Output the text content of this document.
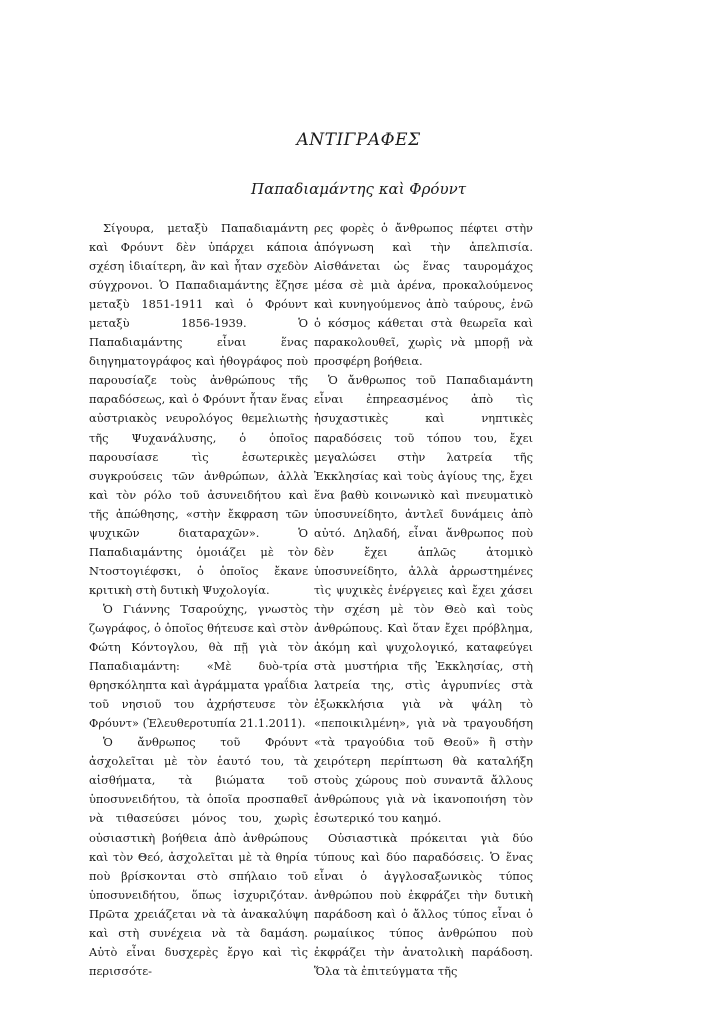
ΑΝΤΙΓΡΑΦΕΣ
Παπαδιαμάντης καὶ Φρόυντ

Σίγουρα, μεταξὺ Παπαδιαμάντη καὶ Φρόυντ δὲν ὑπάρχει κάποια σχέση ἰδιαίτερη, ἂν καὶ ἦταν σχεδὸν σύγχρονοι. Ὁ Παπαδιαμάντης ἔζησε μεταξὺ 1851-1911 καὶ ὁ Φρόυντ μεταξὺ 1856-1939. Ὁ Παπαδιαμάντης εἶναι ἕνας διηγηματογράφος καὶ ἠθογράφος ποὺ παρουσίαζε τοὺς ἀνθρώπους τῆς παραδόσεως, καὶ ὁ Φρόυντ ἦταν ἕνας αὐστριακὸς νευρολόγος θεμελιωτὴς τῆς Ψυχανάλυσης, ὁ ὁποῖος παρουσίασε τὶς ἐσωτερικὲς συγκρούσεις τῶν ἀνθρώπων, ἀλλὰ καὶ τὸν ρόλο τοῦ ἀσυνειδήτου καὶ τῆς ἀπώθησης, «στὴν ἔκφραση τῶν ψυχικῶν διαταραχῶν». Ὁ Παπαδιαμάντης ὁμοιάζει μὲ τὸν Ντοστογιέφσκι, ὁ ὁποῖος ἔκανε κριτικὴ στὴ δυτικὴ Ψυχολογία.

Ὁ Γιάννης Τσαρούχης, γνωστὸς ζωγράφος, ὁ ὁποῖος θήτευσε καὶ στὸν Φώτη Κόντογλου, θὰ πῇ γιὰ τὸν Παπαδιαμάντη: «Μὲ δυὸ-τρία θρησκόληπτα καὶ ἀγράμματα γραΐδια τοῦ νησιοῦ του ἀχρήστευσε τὸν Φρόυντ» (Ἐλευθεροτυπία 21.1.2011).

Ὁ ἄνθρωπος τοῦ Φρόυντ ἀσχολεῖται μὲ τὸν ἑαυτό του, τὰ αἰσθήματα, τὰ βιώματα τοῦ ὑποσυνειδήτου, τὰ ὁποῖα προσπαθεῖ νὰ τιθασεύσει μόνος του, χωρὶς οὐσιαστικὴ βοήθεια ἀπὸ ἀνθρώπους καὶ τὸν Θεό, ἀσχολεῖται μὲ τὰ θηρία ποὺ βρίσκονται στὸ σπήλαιο τοῦ ὑποσυνειδήτου, ὅπως ἰσχυριζόταν. Πρῶτα χρειάζεται νὰ τὰ ἀνακαλύψη καὶ στὴ συνέχεια νὰ τὰ δαμάση. Αὐτὸ εἶναι δυσχερὲς ἔργο καὶ τὶς περισσότε-

ρες φορὲς ὁ ἄνθρωπος πέφτει στὴν ἀπόγνωση καὶ τὴν ἀπελπισία. Αἰσθάνεται ὡς ἕνας ταυρομάχος μέσα σὲ μιὰ ἀρένα, προκαλούμενος καὶ κυνηγούμενος ἀπὸ ταύρους, ἐνῶ ὁ κόσμος κάθεται στὰ θεωρεῖα καὶ παρακολουθεῖ, χωρὶς νὰ μπορῇ νὰ προσφέρη βοήθεια.

Ὁ ἄνθρωπος τοῦ Παπαδιαμάντη εἶναι ἐπηρεασμένος ἀπὸ τὶς ἡσυχαστικὲς καὶ νηπτικὲς παραδόσεις τοῦ τόπου του, ἔχει μεγαλώσει στὴν λατρεία τῆς Ἐκκλησίας καὶ τοὺς ἁγίους της, ἔχει ἕνα βαθὺ κοινωνικὸ καὶ πνευματικὸ ὑποσυνείδητο, ἀντλεῖ δυνάμεις ἀπὸ αὐτό. Δηλαδή, εἶναι ἄνθρωπος ποὺ δὲν ἔχει ἁπλῶς ἀτομικὸ ὑποσυνείδητο, ἀλλὰ ἀρρωστημένες τὶς ψυχικὲς ἐνέργειες καὶ ἔχει χάσει τὴν σχέση μὲ τὸν Θεὸ καὶ τοὺς ἀνθρώπους. Καὶ ὅταν ἔχει πρόβλημα, ἀκόμη καὶ ψυχολογικό, καταφεύγει στὰ μυστήρια τῆς Ἐκκλησίας, στὴ λατρεία της, στὶς ἀγρυπνίες στὰ ἐξωκκλήσια γιὰ νὰ ψάλη τὸ «πεποικιλμένη», γιὰ νὰ τραγουδήση «τὰ τραγούδια τοῦ Θεοῦ» ἢ στὴν χειρότερη περίπτωση θὰ καταλήξη στοὺς χώρους ποὺ συναντᾶ ἄλλους ἀνθρώπους γιὰ νὰ ἱκανοποιήση τὸν ἐσωτερικό του καημό.

Οὐσιαστικὰ πρόκειται γιὰ δύο τύπους καὶ δύο παραδόσεις. Ὁ ἕνας εἶναι ὁ ἀγγλοσαξωνικὸς τύπος ἀνθρώπου ποὺ ἐκφράζει τὴν δυτικὴ παράδοση καὶ ὁ ἄλλος τύπος εἶναι ὁ ρωμαίικος τύπος ἀνθρώπου ποὺ ἐκφράζει τὴν ἀνατολικὴ παράδοση. Ὅλα τὰ ἐπιτεύγματα τῆς
